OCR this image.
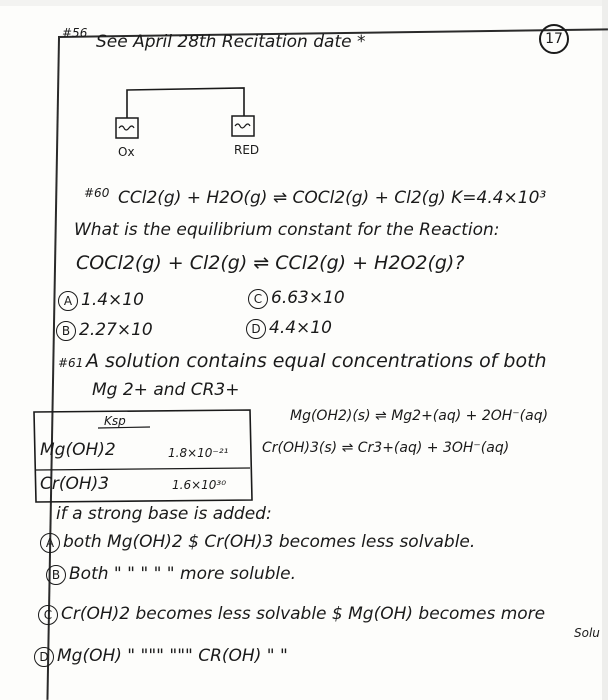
#56 See April 28th Recitation date *	17
Ox	RED
#60 CCl2(g) + H2O(g) ⇌ COCl2(g) + Cl2(g) K=4.4×10³
What is the equilibrium constant for the Reaction:
COCl2(g) + Cl2(g) ⇌ CCl2(g) + H2O2(g)?
A 1.4×10	C 6.63×10
B 2.27×10	D 4.4×10
#61 A solution contains equal concentrations of both
Mg 2+ and CR3+
Ksp
Mg(OH)2	1.8×10⁻²¹
Cr(OH)3	1.6×10³⁰
Mg(OH2)(s) ⇌ Mg2+(aq) + 2OH⁻(aq)
Cr(OH)3(s) ⇌ Cr3+(aq) + 3OH⁻(aq)
if a strong base is added:
A both Mg(OH)2 $ Cr(OH)3 becomes less solvable.
B Both " " " " " more soluble.
C Cr(OH)2 becomes less solvable $ Mg(OH) becomes more
Solu
D Mg(OH) " """ """ CR(OH) " "
